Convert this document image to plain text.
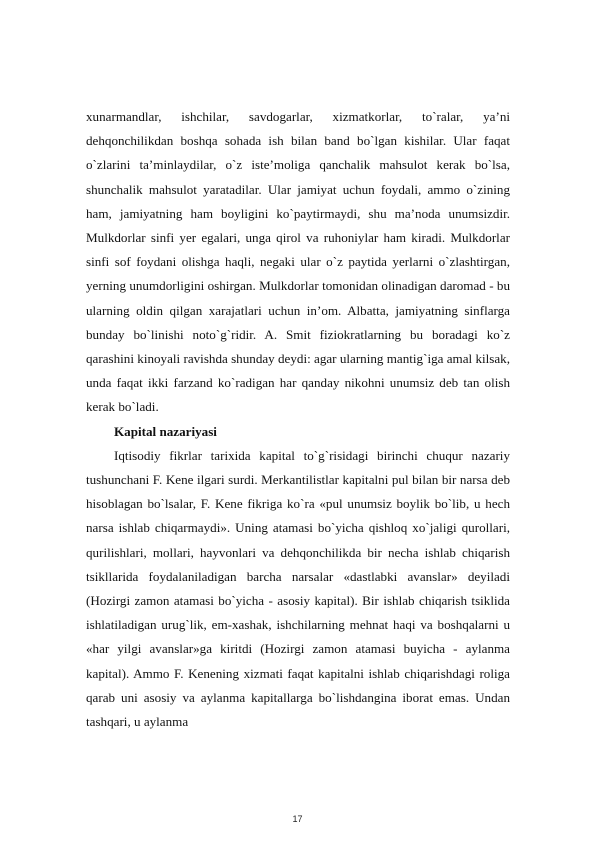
xunarmandlar, ishchilar, savdogarlar, xizmatkorlar, to`ralar, ya’ni dehqonchilikdan boshqa sohada ish bilan band bo`lgan kishilar. Ular faqat o`zlarini ta’minlaydilar, o`z iste’moliga qanchalik mahsulot kerak bo`lsa, shunchalik mahsulot yaratadilar. Ular jamiyat uchun foydali, ammo o`zining ham, jamiyatning ham boyligini ko`paytirmaydi, shu ma’noda unumsizdir. Mulkdorlar sinfi yer egalari, unga qirol va ruhoniylar ham kiradi. Mulkdorlar sinfi sof foydani olishga haqli, negaki ular o`z paytida yerlarni o`zlashtirgan, yerning unumdorligini oshirgan. Mulkdorlar tomonidan olinadigan daromad - bu ularning oldin qilgan xarajatlari uchun in’om. Albatta, jamiyatning sinflarga bunday bo`linishi noto`g`ridir. A. Smit fiziokratlarning bu boradagi ko`z qarashini kinoyali ravishda shunday deydi: agar ularning mantig`iga amal kilsak, unda faqat ikki farzand ko`radigan har qanday nikohni unumsiz deb tan olish kerak bo`ladi.

Kapital nazariyasi

Iqtisodiy fikrlar tarixida kapital to`g`risidagi birinchi chuqur nazariy tushunchani F. Kene ilgari surdi. Merkantilistlar kapitalni pul bilan bir narsa deb hisoblagan bo`lsalar, F. Kene fikriga ko`ra «pul unumsiz boylik bo`lib, u hech narsa ishlab chiqarmaydi». Uning atamasi bo`yicha qishloq xo`jaligi qurollari, qurilishlari, mollari, hayvonlari va dehqonchilikda bir necha ishlab chiqarish tsikllarida foydalaniladigan barcha narsalar «dastlabki avanslar» deyiladi (Hozirgi zamon atamasi bo`yicha - asosiy kapital). Bir ishlab chiqarish tsiklida ishlatiladigan urug`lik, em-xashak, ishchilarning mehnat haqi va boshqalarni u «har yilgi avanslar»ga kiritdi (Hozirgi zamon atamasi buyicha - aylanma kapital). Ammo F. Kenening xizmati faqat kapitalni ishlab chiqarishdagi roliga qarab uni asosiy va aylanma kapitallarga bo`lishdangina iborat emas. Undan tashqari, u aylanma

17
